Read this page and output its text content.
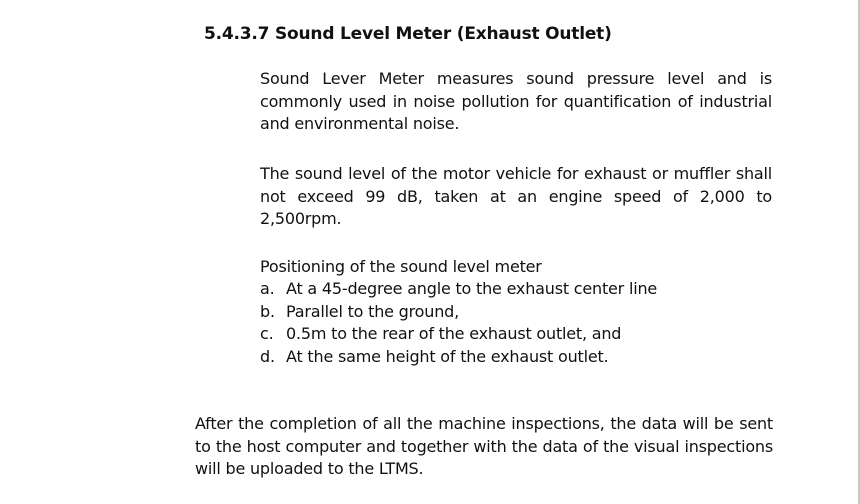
5.4.3.7 Sound Level Meter (Exhaust Outlet)

Sound Lever Meter measures sound pressure level and is commonly used in noise pollution for quantification of industrial and environmental noise.

The sound level of the motor vehicle for exhaust or muffler shall not exceed 99 dB, taken at an engine speed of 2,000 to 2,500rpm.

Positioning of the sound level meter

a. At a 45-degree angle to the exhaust center line
b. Parallel to the ground,
c. 0.5m to the rear of the exhaust outlet, and
d. At the same height of the exhaust outlet.

After the completion of all the machine inspections, the data will be sent to the host computer and together with the data of the visual inspections will be uploaded to the LTMS.
